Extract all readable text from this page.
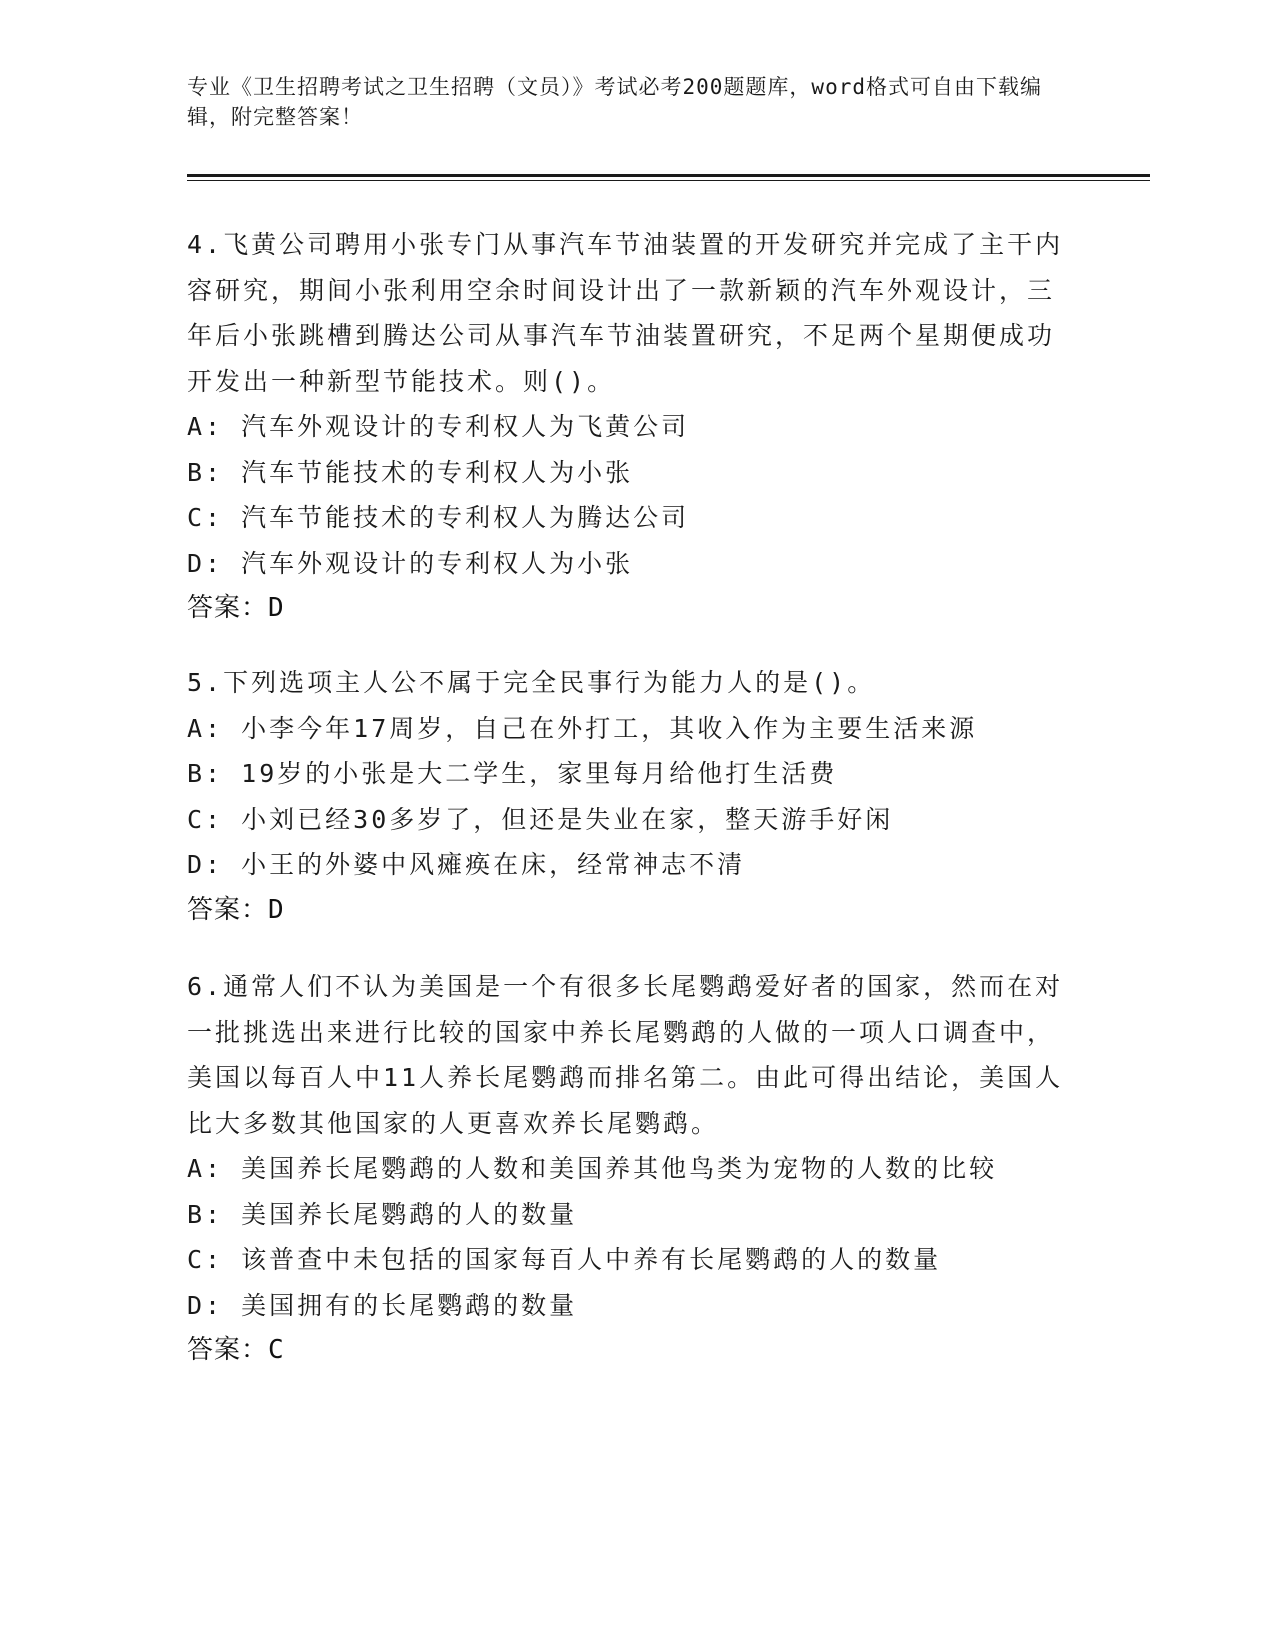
专业《卫生招聘考试之卫生招聘（文员）》考试必考200题题库，word格式可自由下载编辑，附完整答案！

4.飞黄公司聘用小张专门从事汽车节油装置的开发研究并完成了主干内容研究，期间小张利用空余时间设计出了一款新颖的汽车外观设计，三年后小张跳槽到腾达公司从事汽车节油装置研究，不足两个星期便成功开发出一种新型节能技术。则()。

A: 汽车外观设计的专利权人为飞黄公司

B: 汽车节能技术的专利权人为小张

C: 汽车节能技术的专利权人为腾达公司

D: 汽车外观设计的专利权人为小张

答案：D

5.下列选项主人公不属于完全民事行为能力人的是()。

A: 小李今年17周岁，自己在外打工，其收入作为主要生活来源

B: 19岁的小张是大二学生，家里每月给他打生活费

C: 小刘已经30多岁了，但还是失业在家，整天游手好闲

D: 小王的外婆中风瘫痪在床，经常神志不清

答案：D

6.通常人们不认为美国是一个有很多长尾鹦鹉爱好者的国家，然而在对一批挑选出来进行比较的国家中养长尾鹦鹉的人做的一项人口调查中，美国以每百人中11人养长尾鹦鹉而排名第二。由此可得出结论，美国人比大多数其他国家的人更喜欢养长尾鹦鹉。

A: 美国养长尾鹦鹉的人数和美国养其他鸟类为宠物的人数的比较

B: 美国养长尾鹦鹉的人的数量

C: 该普查中未包括的国家每百人中养有长尾鹦鹉的人的数量

D: 美国拥有的长尾鹦鹉的数量

答案：C
